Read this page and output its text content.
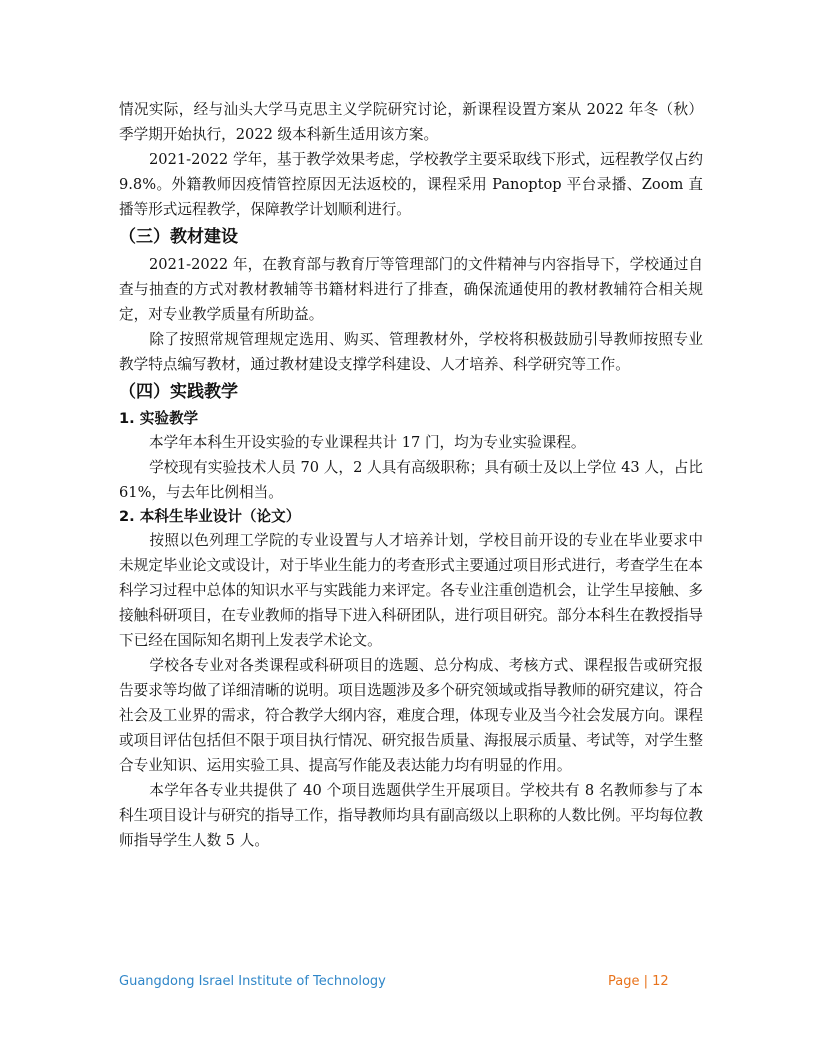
情况实际，经与汕头大学马克思主义学院研究讨论，新课程设置方案从 2022 年冬（秋）季学期开始执行，2022 级本科新生适用该方案。

2021-2022 学年，基于教学效果考虑，学校教学主要采取线下形式，远程教学仅占约 9.8%。外籍教师因疫情管控原因无法返校的，课程采用 Panoptop 平台录播、Zoom 直播等形式远程教学，保障教学计划顺利进行。

（三）教材建设

2021-2022 年，在教育部与教育厅等管理部门的文件精神与内容指导下，学校通过自查与抽查的方式对教材教辅等书籍材料进行了排查，确保流通使用的教材教辅符合相关规定，对专业教学质量有所助益。

除了按照常规管理规定选用、购买、管理教材外，学校将积极鼓励引导教师按照专业教学特点编写教材，通过教材建设支撑学科建设、人才培养、科学研究等工作。

（四）实践教学
1. 实验教学

本学年本科生开设实验的专业课程共计 17 门，均为专业实验课程。

学校现有实验技术人员 70 人，2 人具有高级职称；具有硕士及以上学位 43 人，占比 61%，与去年比例相当。

2. 本科生毕业设计（论文）

按照以色列理工学院的专业设置与人才培养计划，学校目前开设的专业在毕业要求中未规定毕业论文或设计，对于毕业生能力的考查形式主要通过项目形式进行，考查学生在本科学习过程中总体的知识水平与实践能力来评定。各专业注重创造机会，让学生早接触、多接触科研项目，在专业教师的指导下进入科研团队，进行项目研究。部分本科生在教授指导下已经在国际知名期刊上发表学术论文。

学校各专业对各类课程或科研项目的选题、总分构成、考核方式、课程报告或研究报告要求等均做了详细清晰的说明。项目选题涉及多个研究领域或指导教师的研究建议，符合社会及工业界的需求，符合教学大纲内容，难度合理，体现专业及当今社会发展方向。课程或项目评估包括但不限于项目执行情况、研究报告质量、海报展示质量、考试等，对学生整合专业知识、运用实验工具、提高写作能及表达能力均有明显的作用。

本学年各专业共提供了 40 个项目选题供学生开展项目。学校共有 8 名教师参与了本科生项目设计与研究的指导工作，指导教师均具有副高级以上职称的人数比例。平均每位教师指导学生人数 5 人。

Guangdong Israel Institute of Technology	Page | 12
